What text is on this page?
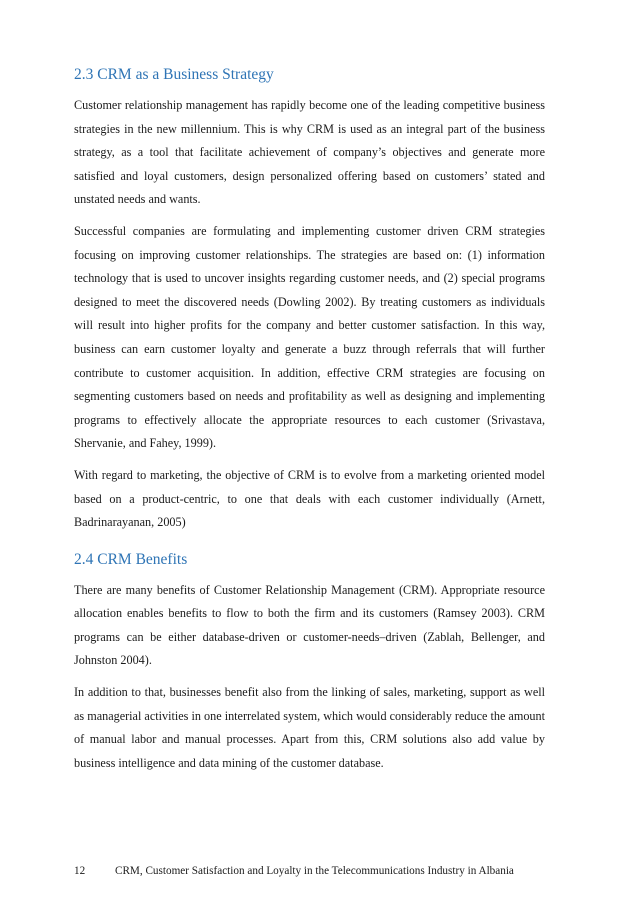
2.3 CRM as a Business Strategy

Customer relationship management has rapidly become one of the leading competitive business strategies in the new millennium. This is why CRM is used as an integral part of the business strategy, as a tool that facilitate achievement of company’s objectives and generate more satisfied and loyal customers, design personalized offering based on customers’ stated and unstated needs and wants.

Successful companies are formulating and implementing customer driven CRM strategies focusing on improving customer relationships. The strategies are based on: (1) information technology that is used to uncover insights regarding customer needs, and (2) special programs designed to meet the discovered needs (Dowling 2002). By treating customers as individuals will result into higher profits for the company and better customer satisfaction. In this way, business can earn customer loyalty and generate a buzz through referrals that will further contribute to customer acquisition. In addition, effective CRM strategies are focusing on segmenting customers based on needs and profitability as well as designing and implementing programs to effectively allocate the appropriate resources to each customer (Srivastava, Shervanie, and Fahey, 1999).

With regard to marketing, the objective of CRM is to evolve from a marketing oriented model based on a product-centric, to one that deals with each customer individually (Arnett, Badrinarayanan, 2005)

2.4 CRM Benefits

There are many benefits of Customer Relationship Management (CRM). Appropriate resource allocation enables benefits to flow to both the firm and its customers (Ramsey 2003). CRM programs can be either database-driven or customer-needs–driven (Zablah, Bellenger, and Johnston 2004).

In addition to that, businesses benefit also from the linking of sales, marketing, support as well as managerial activities in one interrelated system, which would considerably reduce the amount of manual labor and manual processes. Apart from this, CRM solutions also add value by business intelligence and data mining of the customer database.

12	CRM, Customer Satisfaction and Loyalty in the Telecommunications Industry in Albania
